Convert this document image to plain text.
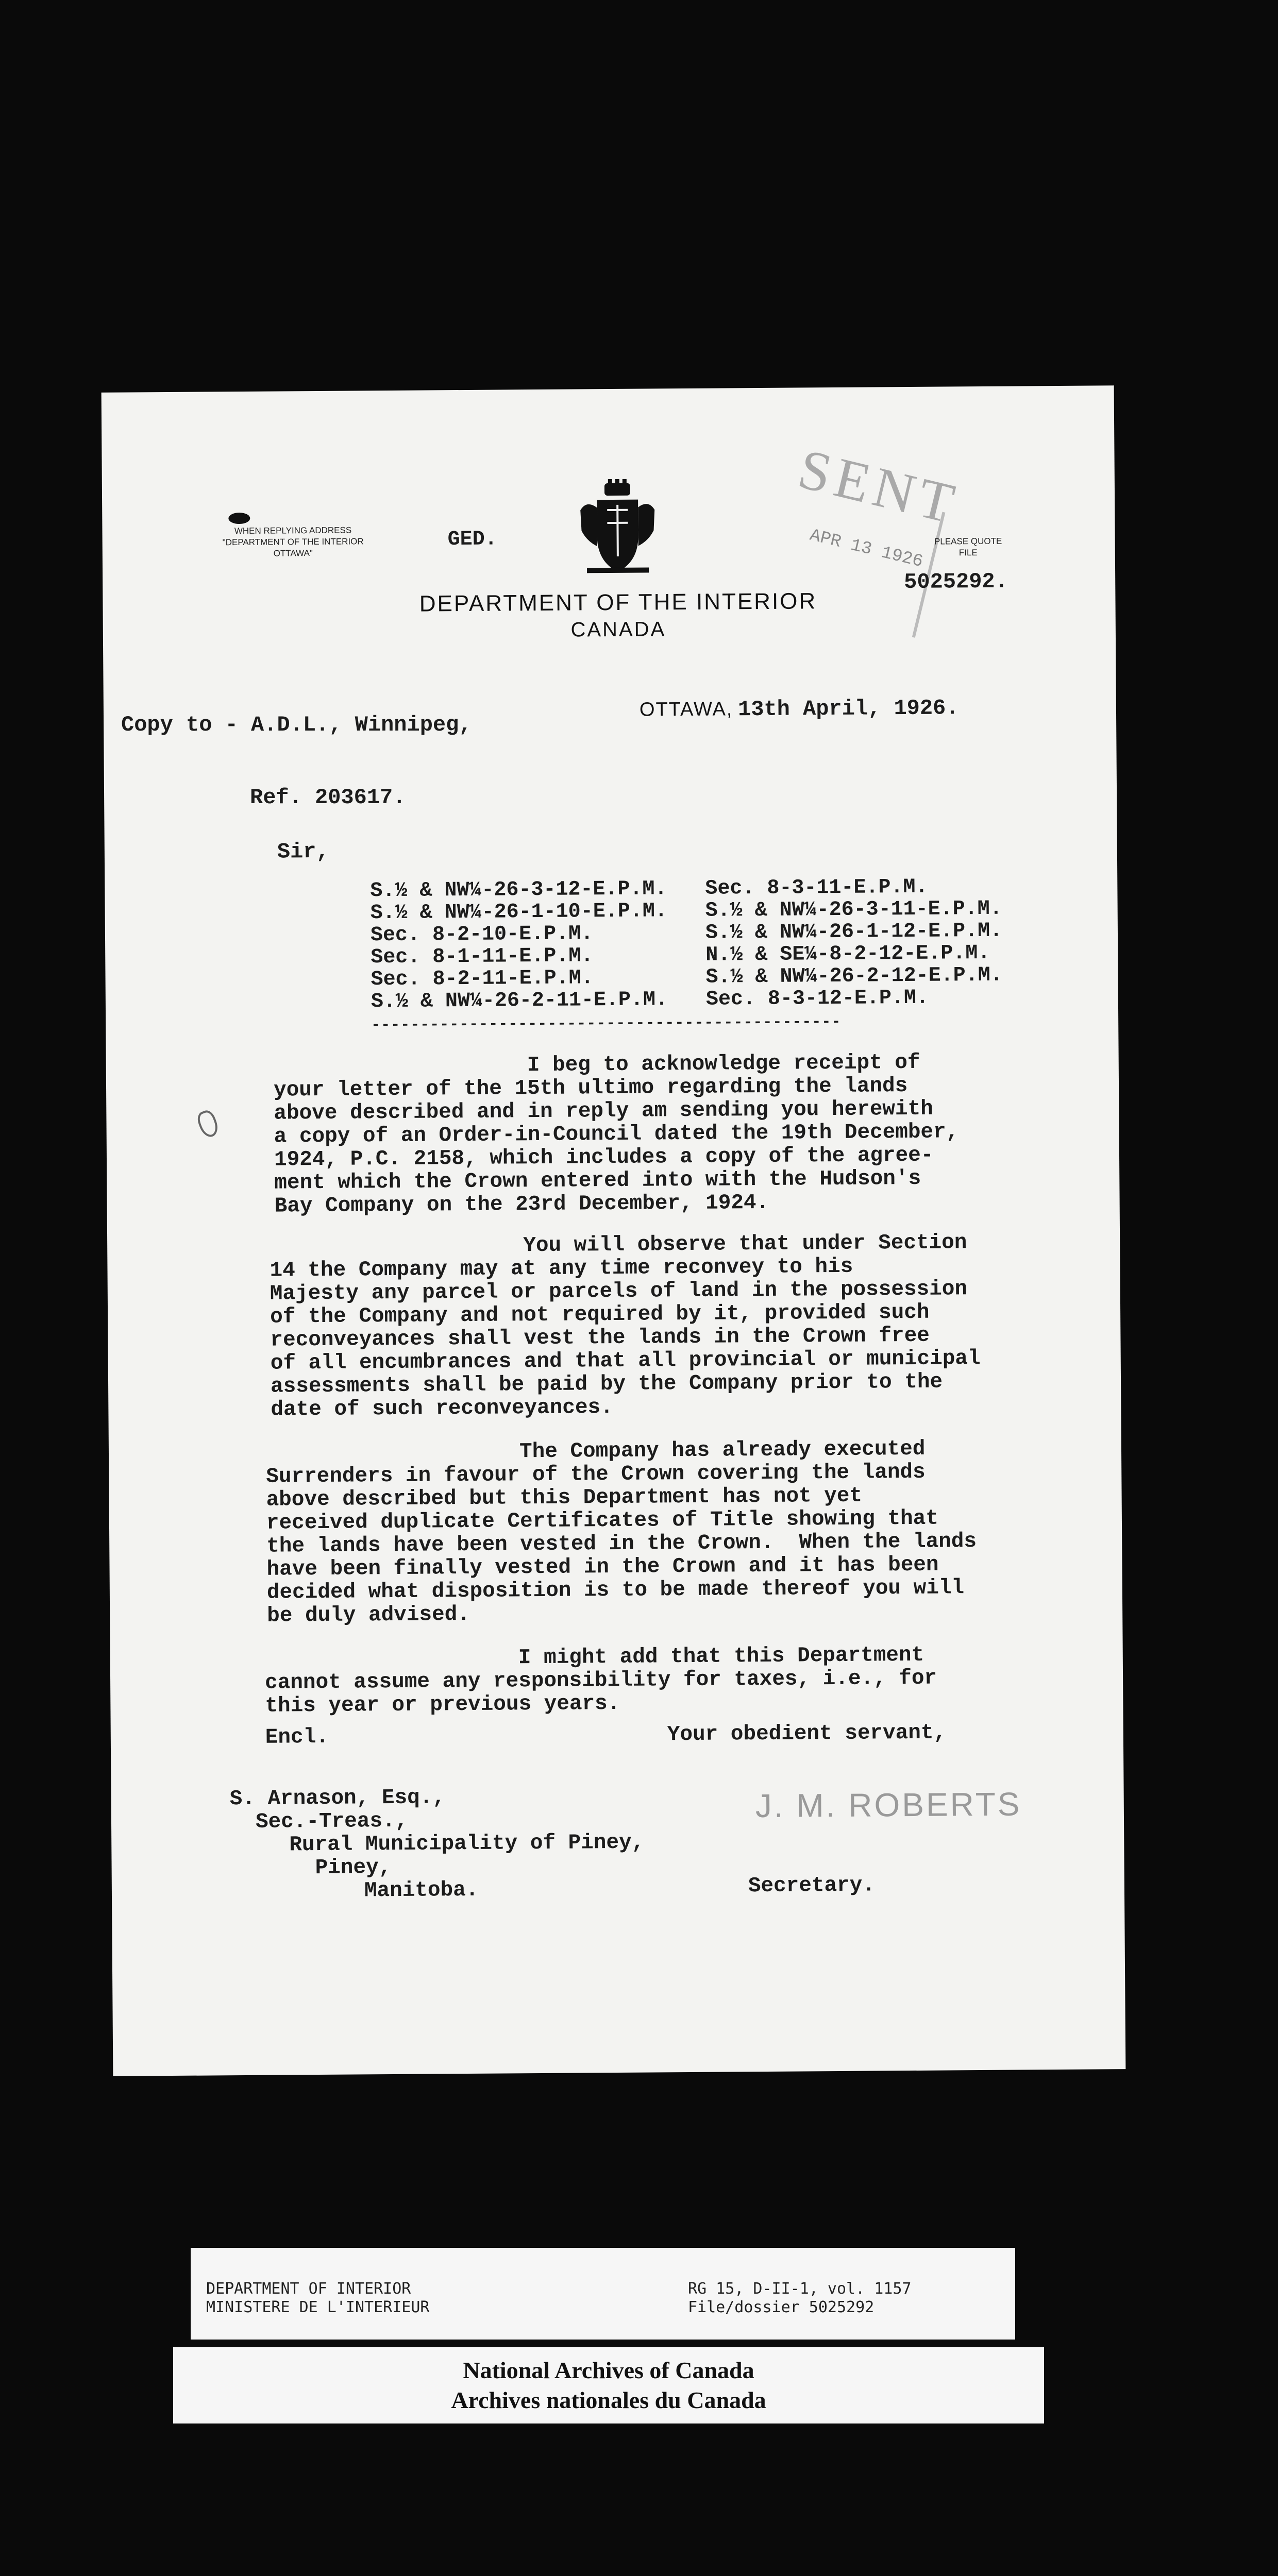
WHEN REPLYING ADDRESS
"DEPARTMENT OF THE INTERIOR
OTTAWA"
GED.
DEPARTMENT OF THE INTERIOR
CANADA
SENT
APR 13 1926	PLEASE QUOTE
FILE
5025292.
OTTAWA, 13th April, 1926.
Sir,
S.½ & NW¼-26-3-12-E.P.M.
S.½ & NW¼-26-1-10-E.P.M.
Sec. 8-2-10-E.P.M.
Sec. 8-1-11-E.P.M.
Sec. 8-2-11-E.P.M.
S.½ & NW¼-26-2-11-E.P.M.
Sec. 8-3-11-E.P.M.
S.½ & NW¼-26-3-11-E.P.M.
S.½ & NW¼-26-1-12-E.P.M.
N.½ & SE¼-8-2-12-E.P.M.
S.½ & NW¼-26-2-12-E.P.M.
Sec. 8-3-12-E.P.M.
------------------------------------------------
I beg to acknowledge receipt of
your letter of the 15th ultimo regarding the lands
above described and in reply am sending you herewith
a copy of an Order-in-Council dated the 19th December,
1924, P.C. 2158, which includes a copy of the agree-
ment which the Crown entered into with the Hudson's
Bay Company on the 23rd December, 1924.
You will observe that under Section
14 the Company may at any time reconvey to his
Majesty any parcel or parcels of land in the possession
of the Company and not required by it, provided such
reconveyances shall vest the lands in the Crown free
of all encumbrances and that all provincial or municipal
assessments shall be paid by the Company prior to the
date of such reconveyances.
The Company has already executed
Surrenders in favour of the Crown covering the lands
above described but this Department has not yet
received duplicate Certificates of Title showing that
the lands have been vested in the Crown.  When the lands
have been finally vested in the Crown and it has been
decided what disposition is to be made thereof you will
be duly advised.
I might add that this Department
cannot assume any responsibility for taxes, i.e., for
this year or previous years.
Encl.	Your obedient servant,
J. M. ROBERTS
Secretary.
S. Arnason, Esq.,
Sec.-Treas.,
Rural Municipality of Piney,
Piney,
Manitoba.

Copy to - A.D.L., Winnipeg,

Ref. 203617.

DEPARTMENT OF INTERIOR
MINISTERE DE L'INTERIEUR
RG 15, D-II-1, vol. 1157
File/dossier 5025292
National Archives of Canada
Archives nationales du Canada
